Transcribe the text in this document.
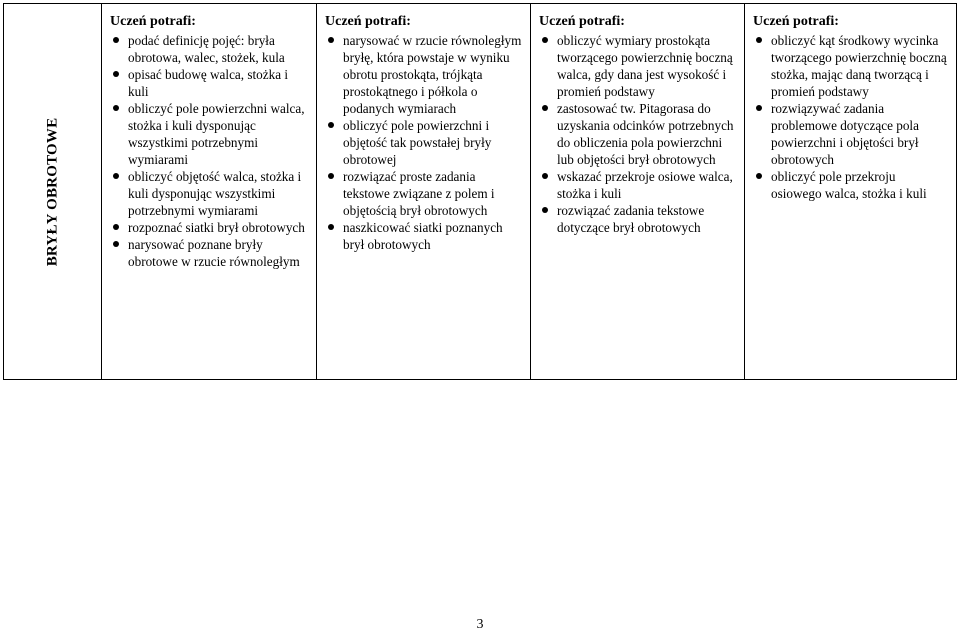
BRYŁY OBROTOWE
Uczeń potrafi:
podać definicję pojęć: bryła obrotowa, walec, stożek, kula
opisać budowę walca, stożka i kuli
obliczyć pole powierzchni walca, stożka i kuli dysponując wszystkimi potrzebnymi wymiarami
obliczyć objętość walca, stożka i kuli dysponując wszystkimi potrzebnymi wymiarami
rozpoznać siatki brył obrotowych
narysować poznane bryły obrotowe w rzucie równoległym
Uczeń potrafi:
narysować w rzucie równoległym bryłę, która powstaje w wyniku obrotu prostokąta, trójkąta prostokątnego i półkola o podanych wymiarach
obliczyć pole powierzchni i objętość tak powstałej bryły obrotowej
rozwiązać proste zadania tekstowe związane z polem i objętością brył obrotowych
naszkicować siatki poznanych brył obrotowych
Uczeń potrafi:
obliczyć wymiary prostokąta tworzącego powierzchnię boczną walca, gdy dana jest wysokość i promień podstawy
zastosować tw. Pitagorasa do uzyskania odcinków potrzebnych do obliczenia pola powierzchni lub objętości brył obrotowych
wskazać przekroje osiowe walca, stożka i kuli
rozwiązać zadania tekstowe dotyczące brył obrotowych
Uczeń potrafi:
obliczyć kąt środkowy wycinka tworzącego powierzchnię boczną stożka, mając daną tworzącą i promień podstawy
rozwiązywać zadania problemowe dotyczące pola powierzchni i objętości brył obrotowych
obliczyć pole przekroju osiowego walca, stożka i kuli
3
